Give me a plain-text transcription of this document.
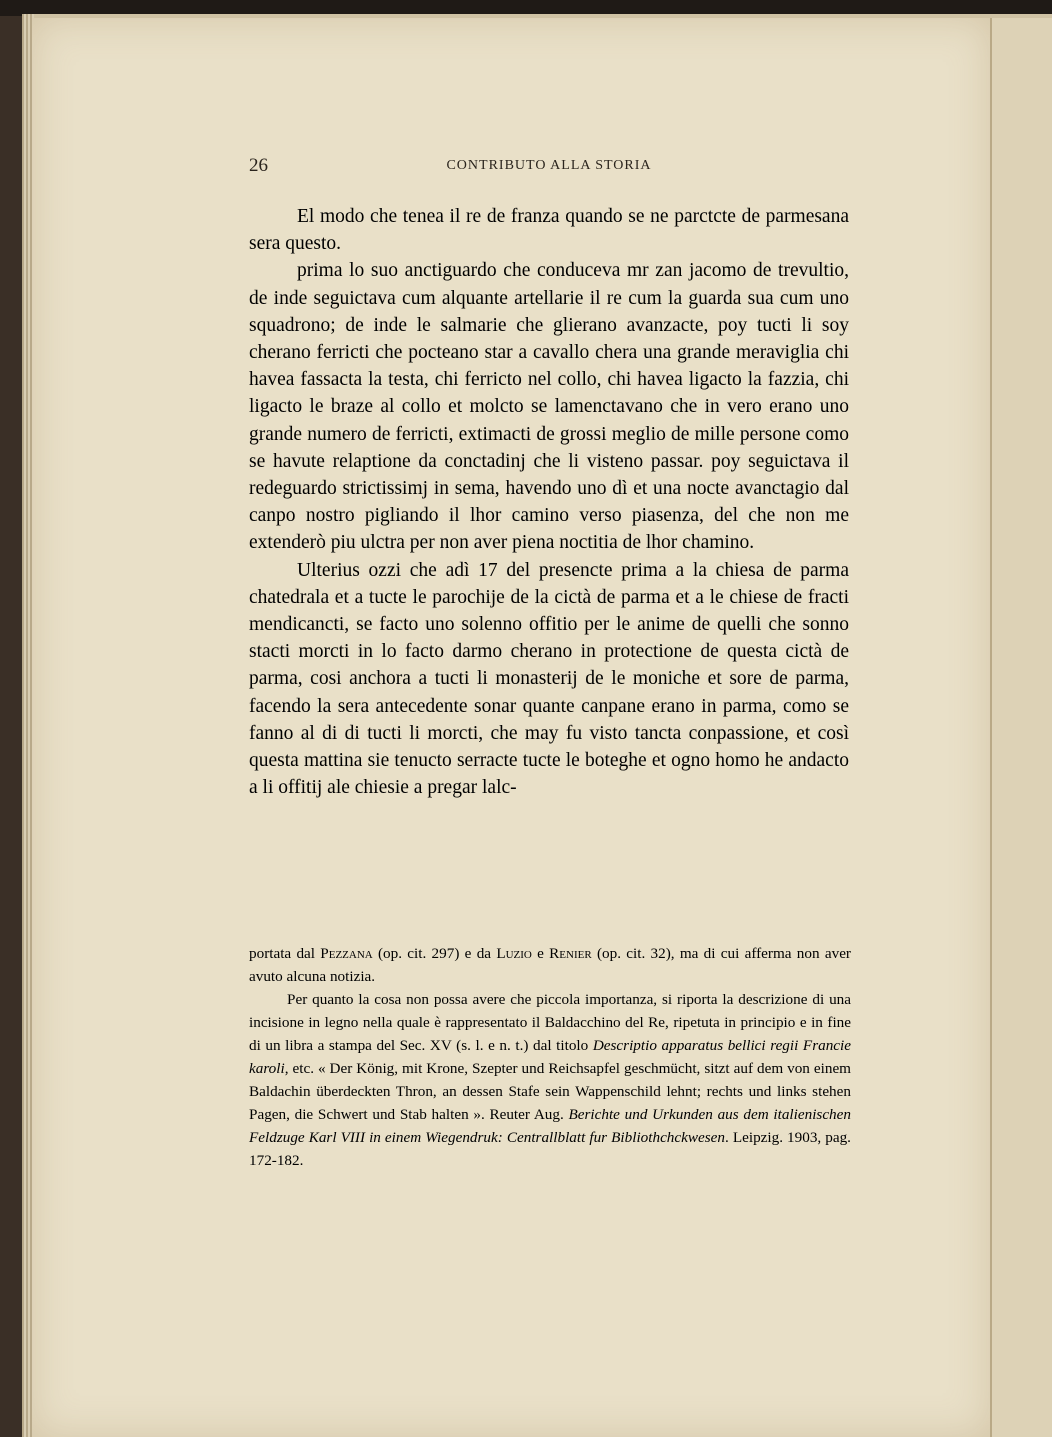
26	CONTRIBUTO ALLA STORIA

El modo che tenea il re de franza quando se ne parctcte de parmesana sera questo.

prima lo suo anctiguardo che conduceva mr zan jacomo de trevultio, de inde seguictava cum alquante artellarie il re cum la guarda sua cum uno squadrono; de inde le salmarie che glierano avanzacte, poy tucti li soy cherano ferricti che pocteano star a cavallo chera una grande meraviglia chi havea fassacta la testa, chi ferricto nel collo, chi havea ligacto la fazzia, chi ligacto le braze al collo et molcto se lamenctavano che in vero erano uno grande numero de ferricti, extimacti de grossi meglio de mille persone como se havute relaptione da conctadinj che li visteno passar. poy seguictava il redeguardo strictissimj in sema, havendo uno dì et una nocte avanctagio dal canpo nostro pigliando il lhor camino verso piasenza, del che non me extenderò piu ulctra per non aver piena noctitia de lhor chamino.

Ulterius ozzi che adì 17 del presencte prima a la chiesa de parma chatedrala et a tucte le parochije de la cictà de parma et a le chiese de fracti mendicancti, se facto uno solenno offitio per le anime de quelli che sonno stacti morcti in lo facto darmo cherano in protectione de questa cictà de parma, cosi anchora a tucti li monasterij de le moniche et sore de parma, facendo la sera antecedente sonar quante canpane erano in parma, como se fanno al di di tucti li morcti, che may fu visto tancta conpassione, et così questa mattina sie tenucto serracte tucte le boteghe et ogno homo he andacto a li offitij ale chiesie a pregar lalc-

portata dal Pezzana (op. cit. 297) e da Luzio e Renier (op. cit. 32), ma di cui afferma non aver avuto alcuna notizia.

Per quanto la cosa non possa avere che piccola importanza, si riporta la descrizione di una incisione in legno nella quale è rappresentato il Baldacchino del Re, ripetuta in principio e in fine di un libra a stampa del Sec. XV (s. l. e n. t.) dal titolo Descriptio apparatus bellici regii Francie karoli, etc. « Der König, mit Krone, Szepter und Reichsapfel geschmücht, sitzt auf dem von einem Baldachin überdeckten Thron, an dessen Stafe sein Wappenschild lehnt; rechts und links stehen Pagen, die Schwert und Stab halten ». Reuter Aug. Berichte und Urkunden aus dem italienischen Feldzuge Karl VIII in einem Wiegendruk: Centrallblatt fur Bibliothchckwesen. Leipzig. 1903, pag. 172-182.
